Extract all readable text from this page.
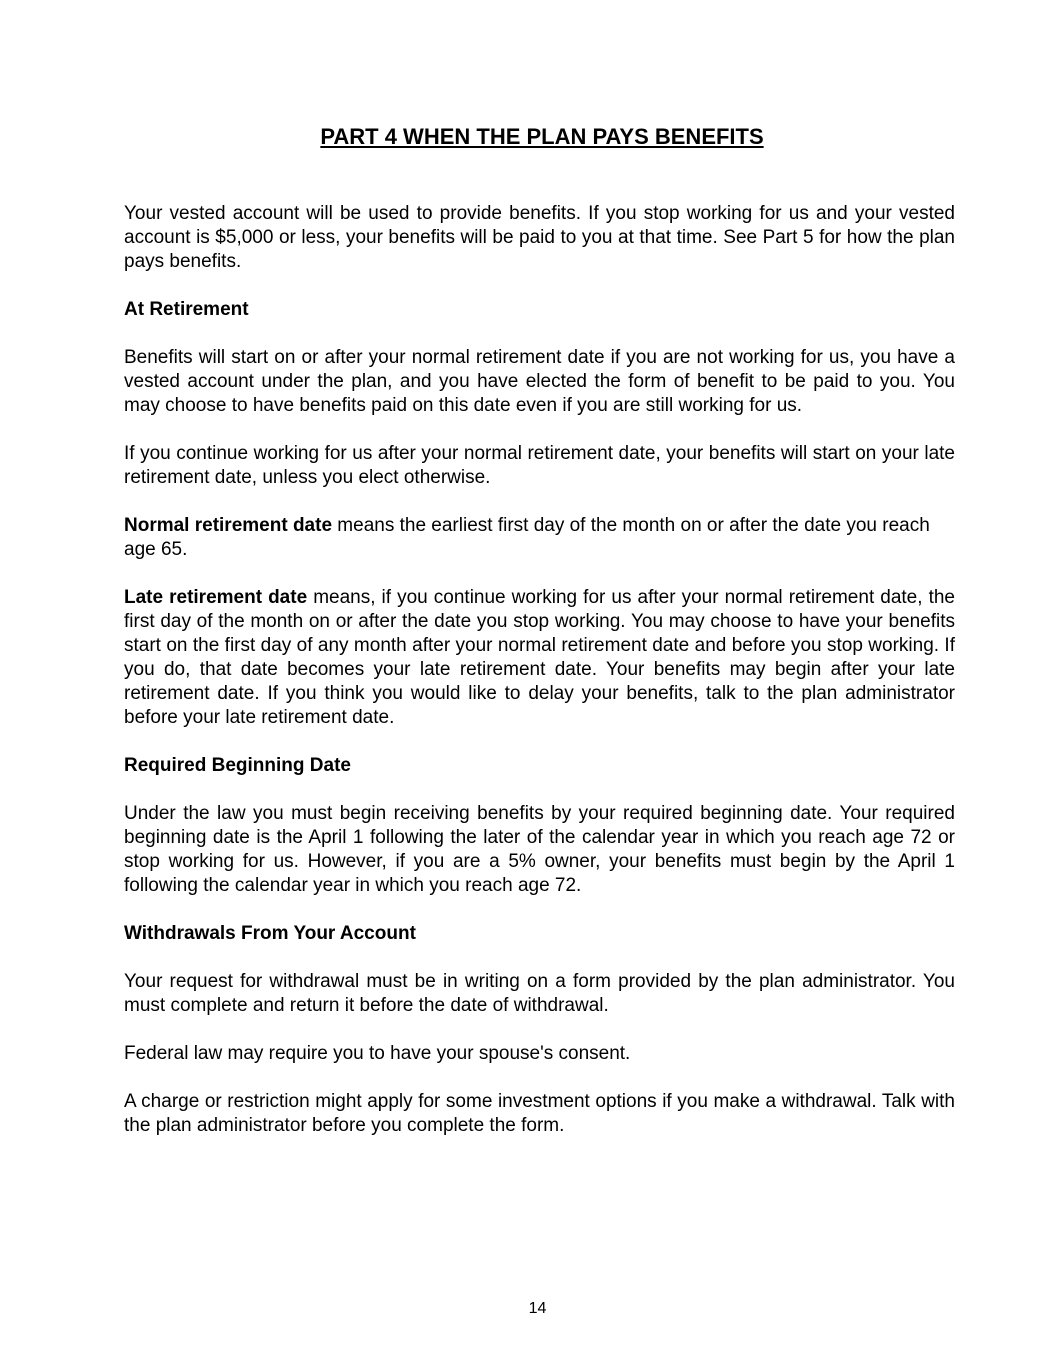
PART 4 WHEN THE PLAN PAYS BENEFITS

Your vested account will be used to provide benefits. If you stop working for us and your vested account is $5,000 or less, your benefits will be paid to you at that time. See Part 5 for how the plan pays benefits.

At Retirement

Benefits will start on or after your normal retirement date if you are not working for us, you have a vested account under the plan, and you have elected the form of benefit to be paid to you. You may choose to have benefits paid on this date even if you are still working for us.

If you continue working for us after your normal retirement date, your benefits will start on your late retirement date, unless you elect otherwise.

Normal retirement date means the earliest first day of the month on or after the date you reach age 65.

Late retirement date means, if you continue working for us after your normal retirement date, the first day of the month on or after the date you stop working. You may choose to have your benefits start on the first day of any month after your normal retirement date and before you stop working. If you do, that date becomes your late retirement date. Your benefits may begin after your late retirement date. If you think you would like to delay your benefits, talk to the plan administrator before your late retirement date.

Required Beginning Date

Under the law you must begin receiving benefits by your required beginning date. Your required beginning date is the April 1 following the later of the calendar year in which you reach age 72 or stop working for us. However, if you are a 5% owner, your benefits must begin by the April 1 following the calendar year in which you reach age 72.

Withdrawals From Your Account

Your request for withdrawal must be in writing on a form provided by the plan administrator. You must complete and return it before the date of withdrawal.

Federal law may require you to have your spouse's consent.

A charge or restriction might apply for some investment options if you make a withdrawal. Talk with the plan administrator before you complete the form.

14
